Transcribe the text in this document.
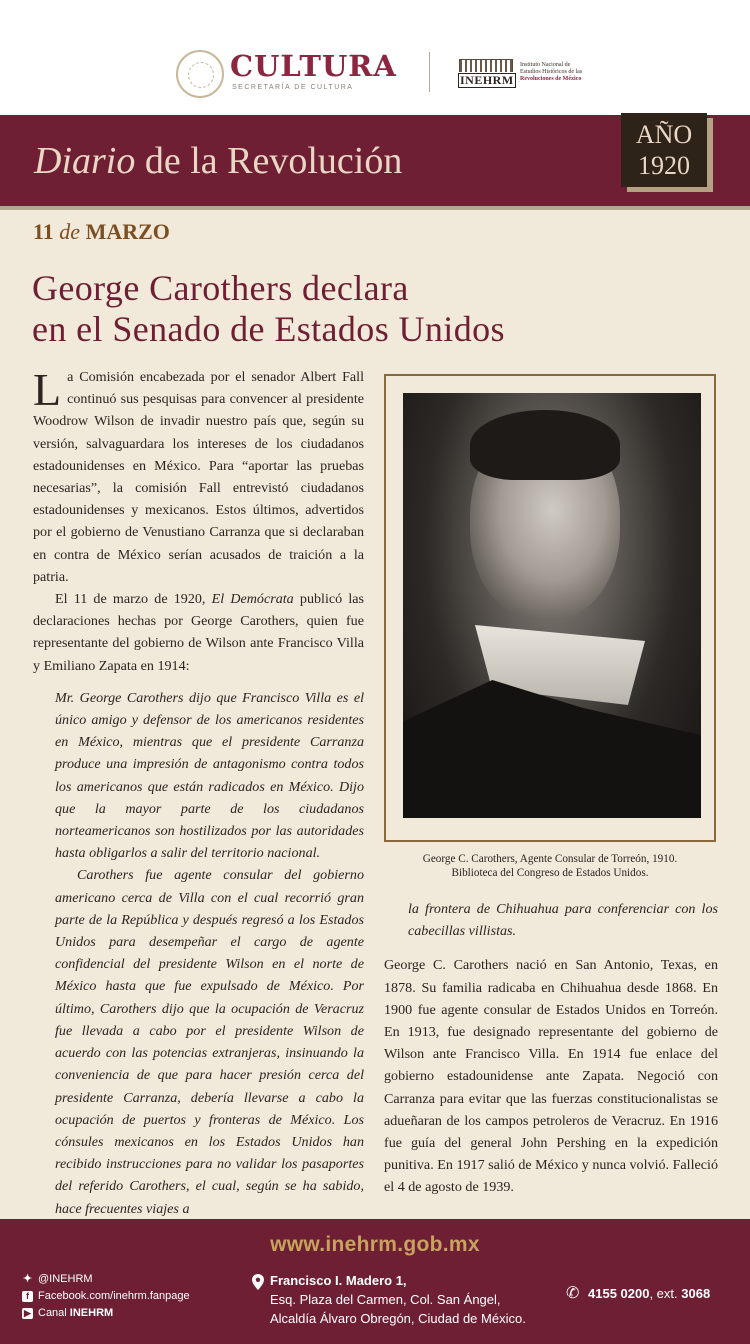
CULTURA
SECRETARÍA DE CULTURA
INEHRM
Instituto Nacional de
Estudios Históricos de las
Revoluciones de México
Diario de la Revolución
AÑO
1920
11 de MARZO
George Carothers declara
en el Senado de Estados Unidos

La Comisión encabezada por el senador Albert Fall continuó sus pesquisas para convencer al presidente Woodrow Wilson de invadir nuestro país que, según su versión, salvaguardara los intereses de los ciudadanos estadounidenses en México. Para “aportar las pruebas necesarias”, la comisión Fall entrevistó ciudadanos estadounidenses y mexicanos. Estos últimos, advertidos por el gobierno de Venustiano Carranza que si declaraban en contra de México serían acusados de traición a la patria.

El 11 de marzo de 1920, El Demócrata publicó las declaraciones hechas por George Carothers, quien fue representante del gobierno de Wilson ante Francisco Villa y Emiliano Zapata en 1914:

Mr. George Carothers dijo que Francisco Villa es el único amigo y defensor de los americanos residentes en México, mientras que el presidente Carranza produce una impresión de antagonismo contra todos los americanos que están radicados en México. Dijo que la mayor parte de los ciudadanos norteamericanos son hostilizados por las autoridades hasta obligarlos a salir del territorio nacional.

Carothers fue agente consular del gobierno americano cerca de Villa con el cual recorrió gran parte de la República y después regresó a los Estados Unidos para desempeñar el cargo de agente confidencial del presidente Wilson en el norte de México hasta que fue expulsado de México. Por último, Carothers dijo que la ocupación de Veracruz fue llevada a cabo por el presidente Wilson de acuerdo con las potencias extranjeras, insinuando la conveniencia de que para hacer presión cerca del presidente Carranza, debería llevarse a cabo la ocupación de puertos y fronteras de México. Los cónsules mexicanos en los Estados Unidos han recibido instrucciones para no validar los pasaportes del referido Carothers, el cual, según se ha sabido, hace frecuentes viajes a

George C. Carothers, Agente Consular de Torreón, 1910.
Biblioteca del Congreso de Estados Unidos.

la frontera de Chihuahua para conferenciar con los cabecillas villistas.

George C. Carothers nació en San Antonio, Texas, en 1878. Su familia radicaba en Chihuahua desde 1868. En 1900 fue agente consular de Estados Unidos en Torreón. En 1913, fue designado representante del gobierno de Wilson ante Francisco Villa. En 1914 fue enlace del gobierno estadounidense ante Zapata. Negoció con Carranza para evitar que las fuerzas constitucionalistas se adueñaran de los campos petroleros de Veracruz. En 1916 fue guía del general John Pershing en la expedición punitiva. En 1917 salió de México y nunca volvió. Falleció el 4 de agosto de 1939.

www.inehrm.gob.mx
✦ @INEHRM
f Facebook.com/inehrm.fanpage
▶ Canal INEHRM
Francisco I. Madero 1,
Esq. Plaza del Carmen, Col. San Ángel,
Alcaldía Álvaro Obregón, Ciudad de México.
✆ 4155 0200, ext. 3068
